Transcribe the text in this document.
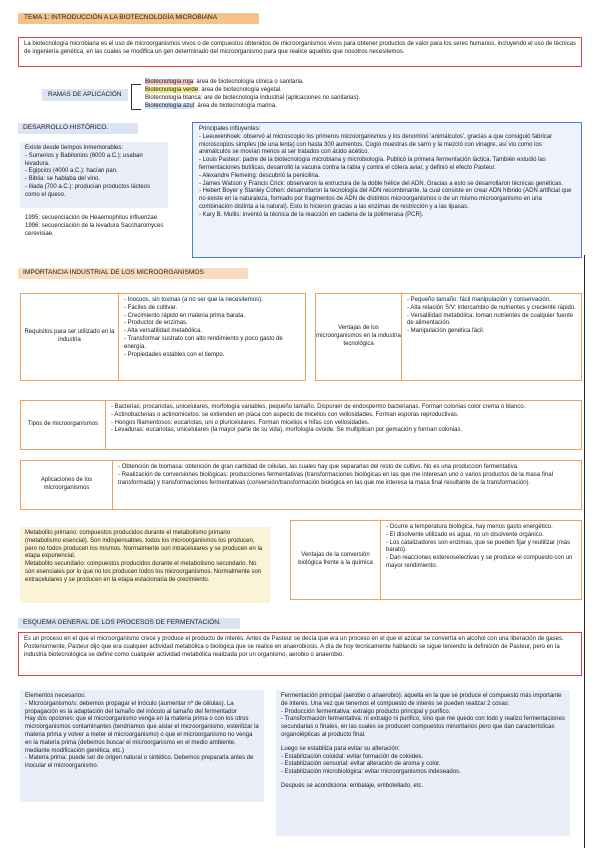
TEMA 1: INTRODUCCIÓN A LA BIOTECNOLOGÍA MICROBIANA
La biotecnología microbiana es el uso de microorganismos vivos o de compuestos obtenidos de microorganismos vivos para obtener productos de valor para los seres humanos, incluyendo el uso de técnicas de ingeniería genética, en las cuales se modifica un gen determinado del microorganismo para que realice aquellos que nosotros necesitemos.
RAMAS DE APLICACIÓN
Biotecnología roja: área de biotecnología clínica o sanitaria.
Biotecnología verde: área de biotecnología vegetal.
Biotecnología blanca: are de biotecnología industrial (aplicaciones no sanitarias).
Biotecnología azul: área de biotecnología marina.
DESARROLLO HISTÓRICO.
Existe desde tiempos inmemorables:
- Sumerios y Babilonios (6000 a.C.): usaban levadura.
- Egipcios (4000 a.C.): hacían pan.
- Biblia: se hablaba del vino.
- Iliada (700 a.C.): producían productos lácteos como el queso.
1995: secuenciación de Heaemophilus influenzae.
1996: secuenciación de la levadura Saccharomyces cerevisiae.
Principales influyentes:
- Leeuwenhoek: observó al microscopio los primeros microorganismos y los denominó 'animálculos', gracias a que consiguió fabricar microscopios simples (de una lenta) con hasta 300 aumentos. Cogió muestras de sarro y la mezcló con vinagre, así vio como los animálculos se movían menos al ser tratados con ácido acético.
- Louis Pasteur: padre de la biotecnología microbiana y microbiología. Publicó la primera fermentación láctica. También estudió las fermentaciones butílicas, desarrolló la vacuna contra la rabia y contra el cólera aviar, y definió el efecto Pasteur.
- Alexandre Flemeing: descubrió la penicilina.
- James Watson y Francis Crick: observaron la estructura de la doble hélice del ADN. Gracias a esto se desarrollaron técnicas genéticas.
- Hebert Boyer y Stanley Cohen: desarrollaron la tecnología del ADN recombinante, la cual consiste en crear ADN híbrido (ADN artificial que no existe en la naturaleza, formado por fragmentos de ADN de distintos microorganismos o de un mismo microorganismo en una combinación distinta a la natural). Esto lo hicieron gracias a las enzimas de restricción y a las lipasas.
- Kary B. Mullis: inventó la técnica de la reacción en cadena de la polimerasa (PCR).
IMPORTANCIA INDUSTRIAL DE LOS MICROORGANISMOS
Requisitos para ser utilizado en la industria
- Inocuos, sin toxinas (a no ser que la necesitemos).
- Fáciles de cultivar.
- Crecimiento rápido en materia prima barata.
- Productor de enzimas.
- Alta versatilidad metabólica.
- Transformar sustrato con alto rendimiento y poco gasto de energía.
- Propiedades estables con el tiempo.
Ventajas de los microorganismos en la industria tecnológica
- Pequeño tamaño: fácil manipulación y conservación.
- Alta relación S/V: intercambio de nutrientes y creciente rápido.
- Versatilidad metabólica: toman nutrientes de cualquier fuente de alimentación.
- Manipulación genética fácil.
Tipos de microorganismos
- Bacterias: procariotas, unicelulares, morfología variables, pequeño tamaño. Disponen de endospermo bacterianas. Forman colonias color crema o blanco.
- Actinobacterias o actinomicetos: se extienden en placa con aspecto de micelios con vellosidades. Forman esporas reproductivas.
- Hongos filamentosos: eucariotas, uni o pluricelulares. Forman micelios e hifas con vellosidades.
- Levaduras: eucariotas, unicelulares (la mayor parte de su vida), morfología ovoide. Se multiplican por gemación y forman colonias.
Aplicaciones de los microorganismos
- Obtención de biomasa: obtención de gran cantidad de células, las cuales hay que separarlas del resto de cultivo. No es una produccion fermentativa.
- Realización de conversiones biológicas: producciones fermentativas (transformaciones biológicas en las que me interesan uno o varios productos de la masa final transformada) y transformaciones fermentativas (conversión/transformación biológica en las que me interesa la masa final resultante de la transformación).
Metabolito primario: compuestos producidos durante el metabolismo primario (metabolismo esencial). Son indispensables, todos los microorganismos los producen, pero no todos producen los mismos. Normalmente son intracelulares y se producen en la etapa exponencial.
Metabolito secundario: compuestos producidos durante el metabolismo secundario. No son esenciales por lo que no los producen todos los microorganismos. Normalmente son extracelulares y se producen en la etapa estacionaria de crecimiento.
Ventajas de la conversión biológica frente a la química
- Ocurre a temperatura biológica, hay menos gasto energético.
- El disolvente utilizado es agua, no un disolvente orgánico.
- Los catalizadores son enzimas, que se pueden fijar y reutilizar (más barato).
- Dan reacciones estereoselectivas y se produce el compuesto con un mayor rendimiento.
ESQUEMA GENERAL DE LOS PROCESOS DE FERMENTACIÓN.
Es un proceso en el que el microorganismo crece y produce el producto de interés. Antes de Pasteur se decía que era un proceso en el que el azúcar se convertía en alcohol con una liberación de gases. Posteriormente, Pasteur dijo que era cualquier actividad metabólica o biológica que se realice en anaerobiosis. A día de hoy tecnicamente hablando se sigue teniendo la definición de Pasteur, pero en la industria biotecnológica se define como cualquier actividad metabólica realizada por un organismo, aerobio o anaerobio.
Elementos necesarios:
- Microorganismo/s: debemos propagar el inóculo (aumentar nº de células). La propagación es la adaptación del tamaño del inóculo al tamaño del fermentador
Hay dos opciones: que el microorganismo venga en la materia prima o con los otros microorganismos contaminantes (tendríamos que aislar el microorganismo, esterilizar la materia prima y volver a meter el microorganismo) o que el microorganismo no venga en la materia prima (debemos buscar el microorganismo en el medio ambiente, mediante modificación genética, etc.)
- Materia prima: puede ser de origen natural o sintético. Debemos prepararla antes de inocular el microorganismo.
Fermentación principal (aerobio o anaerobio): aquella en la que se produce el compuesto más importante de interés. Una vez que tenemos el compuesto de interés se pueden realizar 2 cosas:
- Producción fermentativa: extraigo producto principal y purifico.
- Transformación fermentativa: ni extraigo ni purifico, sino que me quedo con todo y realizo fermentaciones secundarias o finales, en las cuales se producen compuestos minoritarios pero que dan características organolépticas al producto final.
Luego se estabiliza para evitar su alteración:
- Estabilización coloidal: evitar formación de coloides.
- Estabilización sensorial: evitar alteración de aroma y color.
- Estabilización microbiológica: evitar microorganismos indeseados.
Después se acondiciona: embalaje, embotellado, etc.
